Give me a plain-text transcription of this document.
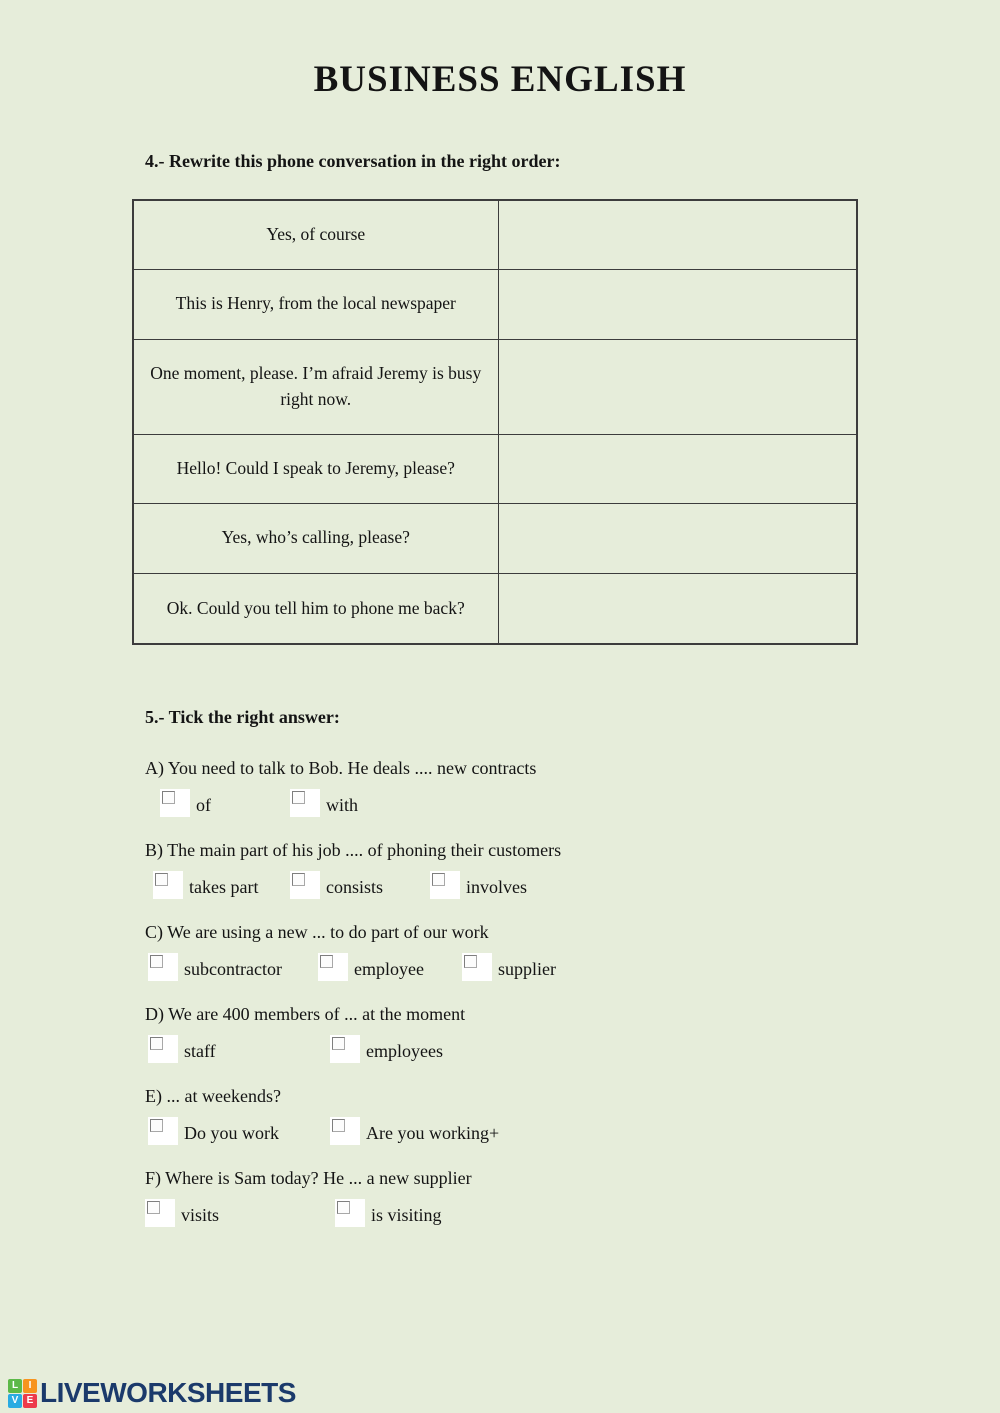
BUSINESS ENGLISH
4.- Rewrite this phone conversation in the right order:
Yes, of course	
This is Henry, from the local newspaper	
One moment, please. I’m afraid Jeremy is busy right now.	
Hello! Could I speak to Jeremy, please?	
Yes, who’s calling, please?	
Ok. Could you tell him to phone me back?	
5.- Tick the right answer:

A) You need to talk to Bob. He deals .... new contracts

of	with

B) The main part of his job .... of phoning their customers

takes part	consists	involves

C) We are using a new ... to do part of our work

subcontractor	employee	supplier

D) We are 400 members of ... at the moment

staff	employees

E) ... at weekends?

Do you work	Are you working+

F) Where is Sam today? He ... a new supplier

visits	is visiting
L	I
V E LIVEWORKSHEETS
